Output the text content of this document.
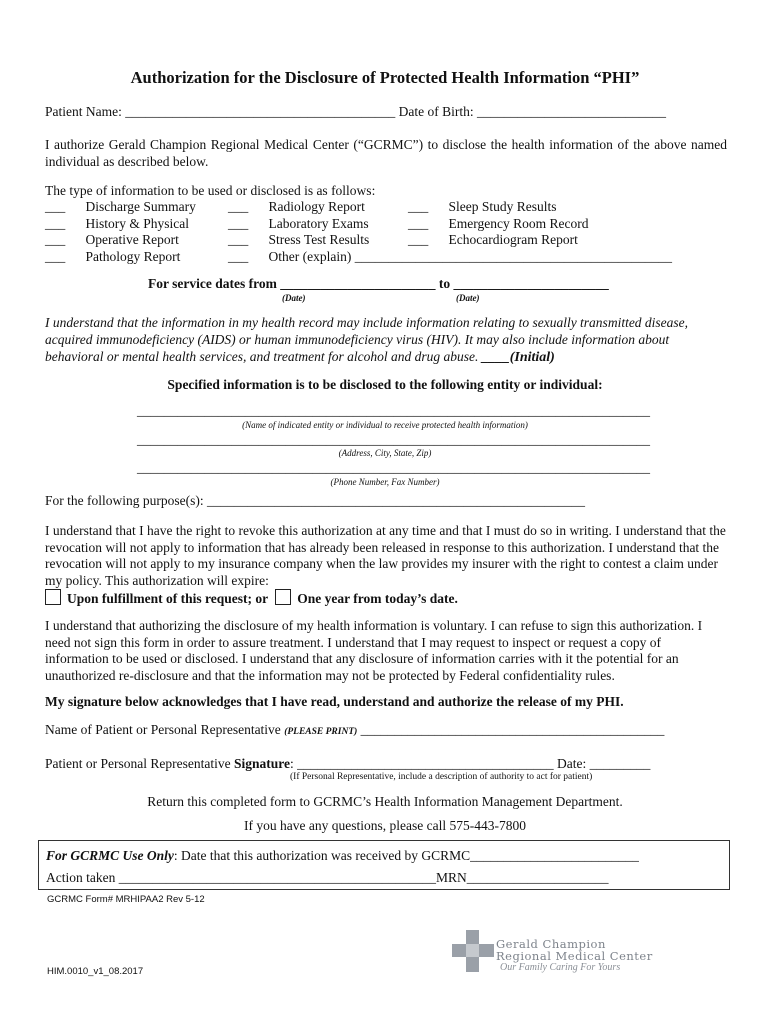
Authorization for the Disclosure of Protected Health Information “PHI”
Patient Name: ________________________________________ Date of Birth: ____________________________
I authorize Gerald Champion Regional Medical Center (“GCRMC”) to disclose the health information of the above named individual as described below.
The type of information to be used or disclosed is as follows:
___ Discharge Summary
___ History & Physical
___ Operative Report
___ Pathology Report
___ Radiology Report
___ Laboratory Exams
___ Stress Test Results
___ Other (explain) _______________________________________________
___ Sleep Study Results
___ Emergency Room Record
___ Echocardiogram Report
For service dates from _______________________ to _______________________
(Date)	(Date)
I understand that the information in my health record may include information relating to sexually transmitted disease, acquired immunodeficiency (AIDS) or human immunodeficiency virus (HIV). It may also include information about behavioral or mental health services, and treatment for alcohol and drug abuse. ____(Initial)
Specified information is to be disclosed to the following entity or individual:
____________________________________________________________________________
(Name of indicated entity or individual to receive protected health information)
____________________________________________________________________________
(Address, City, State, Zip)
____________________________________________________________________________
(Phone Number, Fax Number)
For the following purpose(s): ________________________________________________________
I understand that I have the right to revoke this authorization at any time and that I must do so in writing. I understand that the revocation will not apply to information that has already been released in response to this authorization. I understand that the revocation will not apply to my insurance company when the law provides my insurer with the right to contest a claim under my policy. This authorization will expire:
Upon fulfillment of this request; or One year from today’s date.
I understand that authorizing the disclosure of my health information is voluntary. I can refuse to sign this authorization. I need not sign this form in order to assure treatment. I understand that I may request to inspect or request a copy of information to be used or disclosed. I understand that any disclosure of information carries with it the potential for an unauthorized re-disclosure and that the information may not be protected by Federal confidentiality rules.
My signature below acknowledges that I have read, understand and authorize the release of my PHI.
Name of Patient or Personal Representative (PLEASE PRINT) _____________________________________________
Patient or Personal Representative Signature: ______________________________________ Date: _________
(If Personal Representative, include a description of authority to act for patient)
Return this completed form to GCRMC’s Health Information Management Department.
If you have any questions, please call 575-443-7800
For GCRMC Use Only: Date that this authorization was received by GCRMC_________________________
Action taken _______________________________________________MRN_____________________
GCRMC Form# MRHIPAA2 Rev 5-12
HIM.0010_v1_08.2017
Gerald Champion
Regional Medical Center
Our Family Caring For Yours
